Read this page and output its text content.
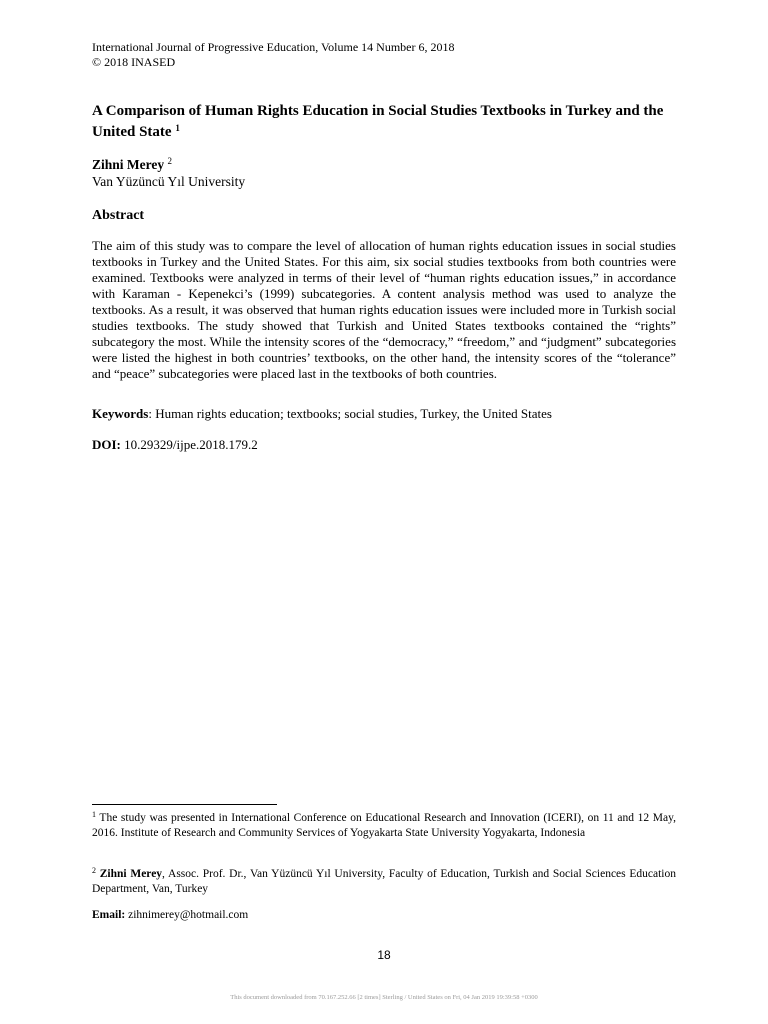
International Journal of Progressive Education, Volume 14 Number 6, 2018
© 2018 INASED
A Comparison of Human Rights Education in Social Studies Textbooks in Turkey and the United State $^1$
Zihni Merey $^2$
Van Yüzüncü Yıl University
Abstract
The aim of this study was to compare the level of allocation of human rights education issues in social studies textbooks in Turkey and the United States. For this aim, six social studies textbooks from both countries were examined. Textbooks were analyzed in terms of their level of “human rights education issues,” in accordance with Karaman - Kepenekci’s (1999) subcategories. A content analysis method was used to analyze the textbooks. As a result, it was observed that human rights education issues were included more in Turkish social studies textbooks. The study showed that Turkish and United States textbooks contained the “rights” subcategory the most. While the intensity scores of the “democracy,” “freedom,” and “judgment” subcategories were listed the highest in both countries’ textbooks, on the other hand, the intensity scores of the “tolerance” and “peace” subcategories were placed last in the textbooks of both countries.
Keywords: Human rights education; textbooks; social studies, Turkey, the United States
DOI: 10.29329/ijpe.2018.179.2
$^1$ The study was presented in International Conference on Educational Research and Innovation (ICERI), on 11 and 12 May, 2016. Institute of Research and Community Services of Yogyakarta State University Yogyakarta, Indonesia
$^2$ Zihni Merey, Assoc. Prof. Dr., Van Yüzüncü Yıl University, Faculty of Education, Turkish and Social Sciences Education Department, Van, Turkey
Email: zihnimerey@hotmail.com
18
This document downloaded from 70.167.252.66 [2 times] Sterling / United States on Fri, 04 Jan 2019 19:39:58 +0300
